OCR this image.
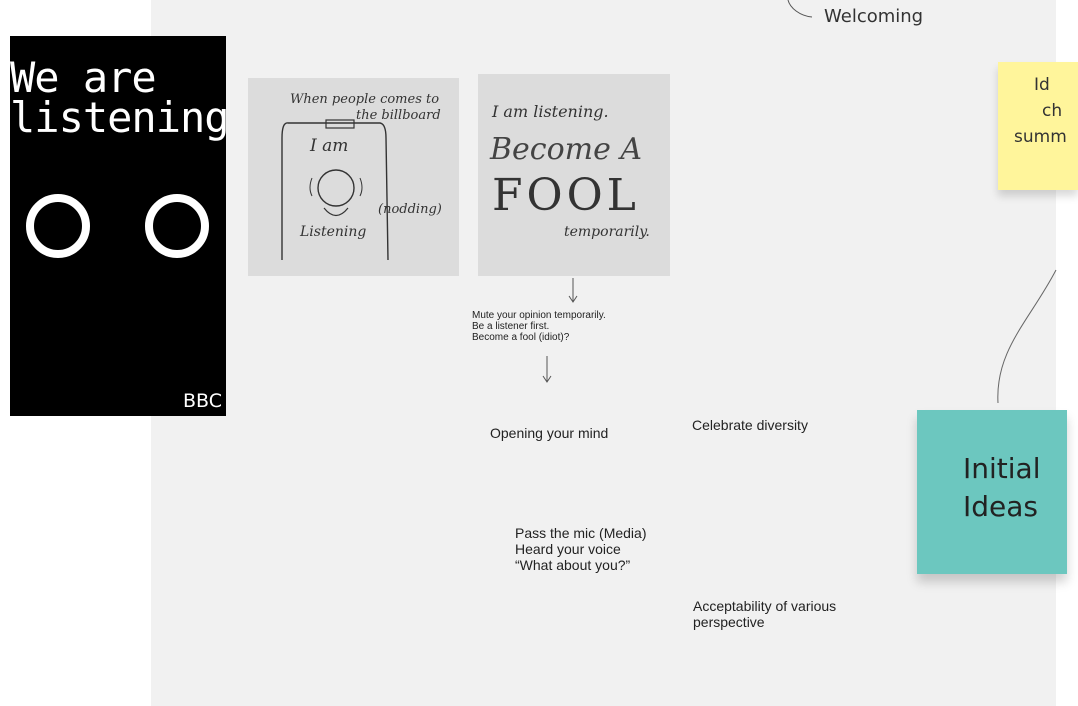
We are
listening
BBC
When people comes to
the billboard
I am
(nodding)
Listening
I am listening.
Become A
FOOL
temporarily.
Mute your opinion temporarily.
Be a listener first.
Become a fool (idiot)?
Opening your mind	Celebrate diversity
Pass the mic (Media)
Heard your voice
“What about you?”
Acceptability of various
perspective
Welcoming
Id
ch
summ
Initial
Ideas
